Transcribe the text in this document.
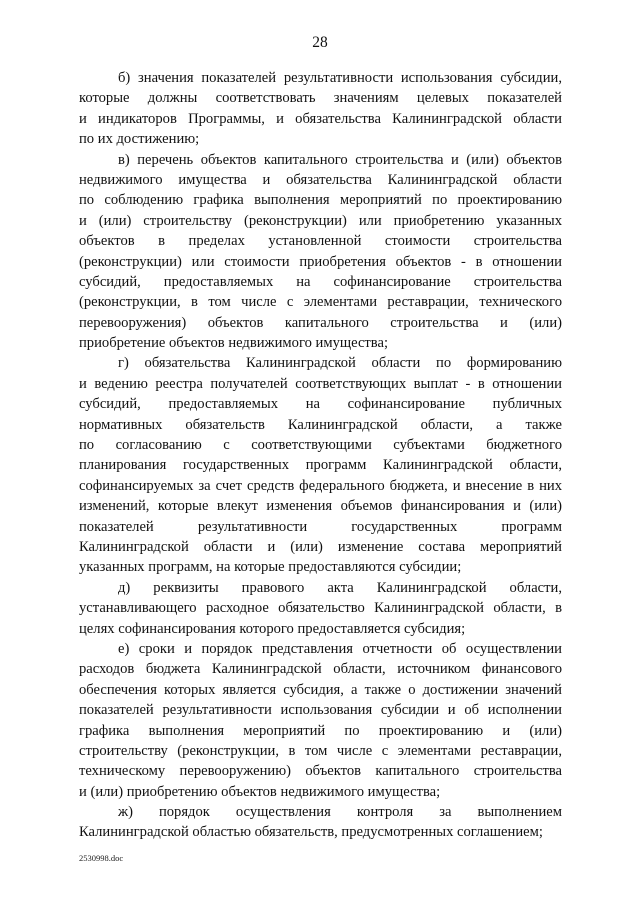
28
б) значения показателей результативности использования субсидии,
которые должны соответствовать значениям целевых показателей
и индикаторов Программы, и обязательства Калининградской области
по их достижению;
в) перечень объектов капитального строительства и (или) объектов
недвижимого имущества и обязательства Калининградской области
по соблюдению графика выполнения мероприятий по проектированию
и (или) строительству (реконструкции) или приобретению указанных
объектов в пределах установленной стоимости строительства
(реконструкции) или стоимости приобретения объектов - в отношении
субсидий, предоставляемых на софинансирование строительства
(реконструкции, в том числе с элементами реставрации, технического
перевооружения) объектов капитального строительства и (или)
приобретение объектов недвижимого имущества;
г) обязательства Калининградской области по формированию
и ведению реестра получателей соответствующих выплат - в отношении
субсидий, предоставляемых на софинансирование публичных
нормативных обязательств Калининградской области, а также
по согласованию с соответствующими субъектами бюджетного
планирования государственных программ Калининградской области,
софинансируемых за счет средств федерального бюджета, и внесение в них
изменений, которые влекут изменения объемов финансирования и (или)
показателей результативности государственных программ
Калининградской области и (или) изменение состава мероприятий
указанных программ, на которые предоставляются субсидии;
д) реквизиты правового акта Калининградской области,
устанавливающего расходное обязательство Калининградской области, в
целях софинансирования которого предоставляется субсидия;
е) сроки и порядок представления отчетности об осуществлении
расходов бюджета Калининградской области, источником финансового
обеспечения которых является субсидия, а также о достижении значений
показателей результативности использования субсидии и об исполнении
графика выполнения мероприятий по проектированию и (или)
строительству (реконструкции, в том числе с элементами реставрации,
техническому перевооружению) объектов капитального строительства
и (или) приобретению объектов недвижимого имущества;
ж) порядок осуществления контроля за выполнением
Калининградской областью обязательств, предусмотренных соглашением;
2530998.doc
